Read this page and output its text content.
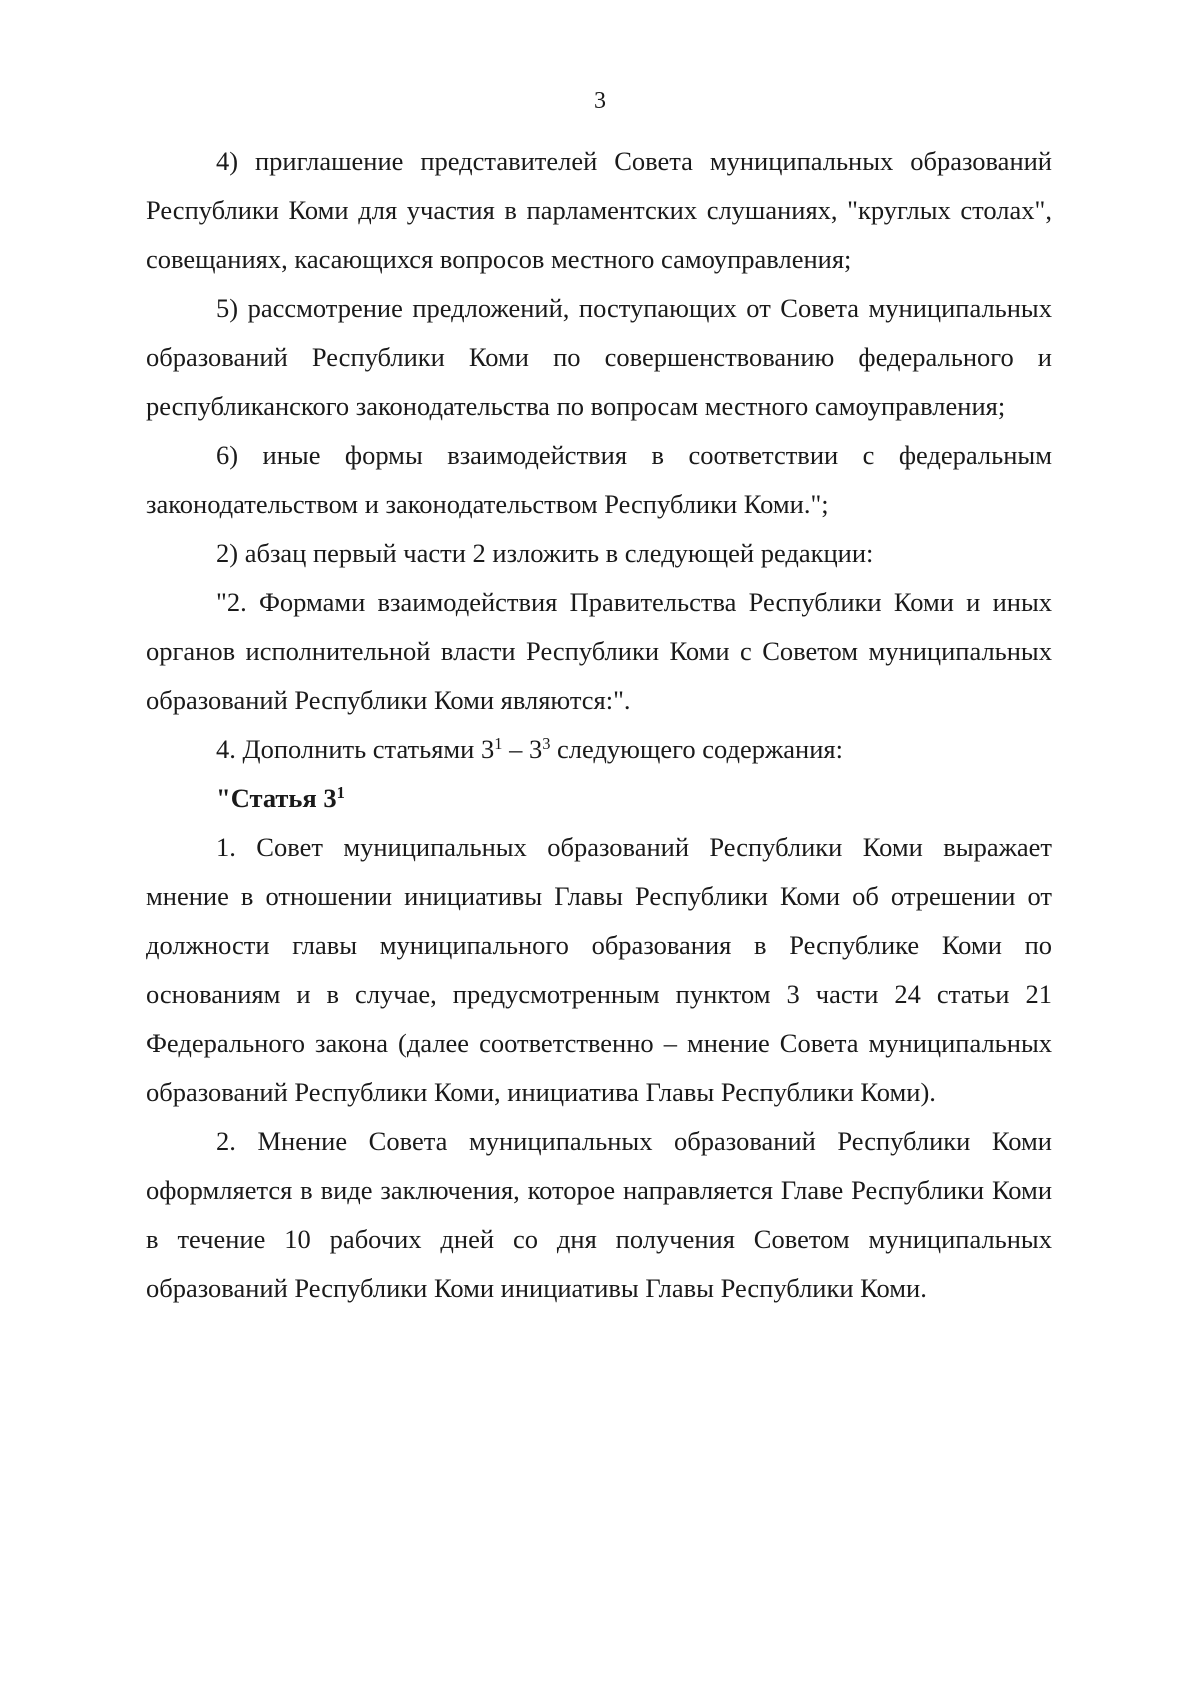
3

4) приглашение представителей Совета муниципальных образований Республики Коми для участия в парламентских слушаниях, "круглых столах", совещаниях, касающихся вопросов местного самоуправления;

5) рассмотрение предложений, поступающих от Совета муниципальных образований Республики Коми по совершенствованию федерального и республиканского законодательства по вопросам местного самоуправления;

6) иные формы взаимодействия в соответствии с федеральным законодательством и законодательством Республики Коми.";

2) абзац первый части 2 изложить в следующей редакции:

"2. Формами взаимодействия Правительства Республики Коми и иных органов исполнительной власти Республики Коми с Советом муниципальных образований Республики Коми являются:".

4. Дополнить статьями $3^1 - 3^3$ следующего содержания:

"Статья $3^1$

1. Совет муниципальных образований Республики Коми выражает мнение в отношении инициативы Главы Республики Коми об отрешении от должности главы муниципального образования в Республике Коми по основаниям и в случае, предусмотренным пунктом 3 части 24 статьи 21 Федерального закона (далее соответственно – мнение Совета муниципальных образований Республики Коми, инициатива Главы Республики Коми).

2. Мнение Совета муниципальных образований Республики Коми оформляется в виде заключения, которое направляется Главе Республики Коми в течение 10 рабочих дней со дня получения Советом муниципальных образований Республики Коми инициативы Главы Республики Коми.
